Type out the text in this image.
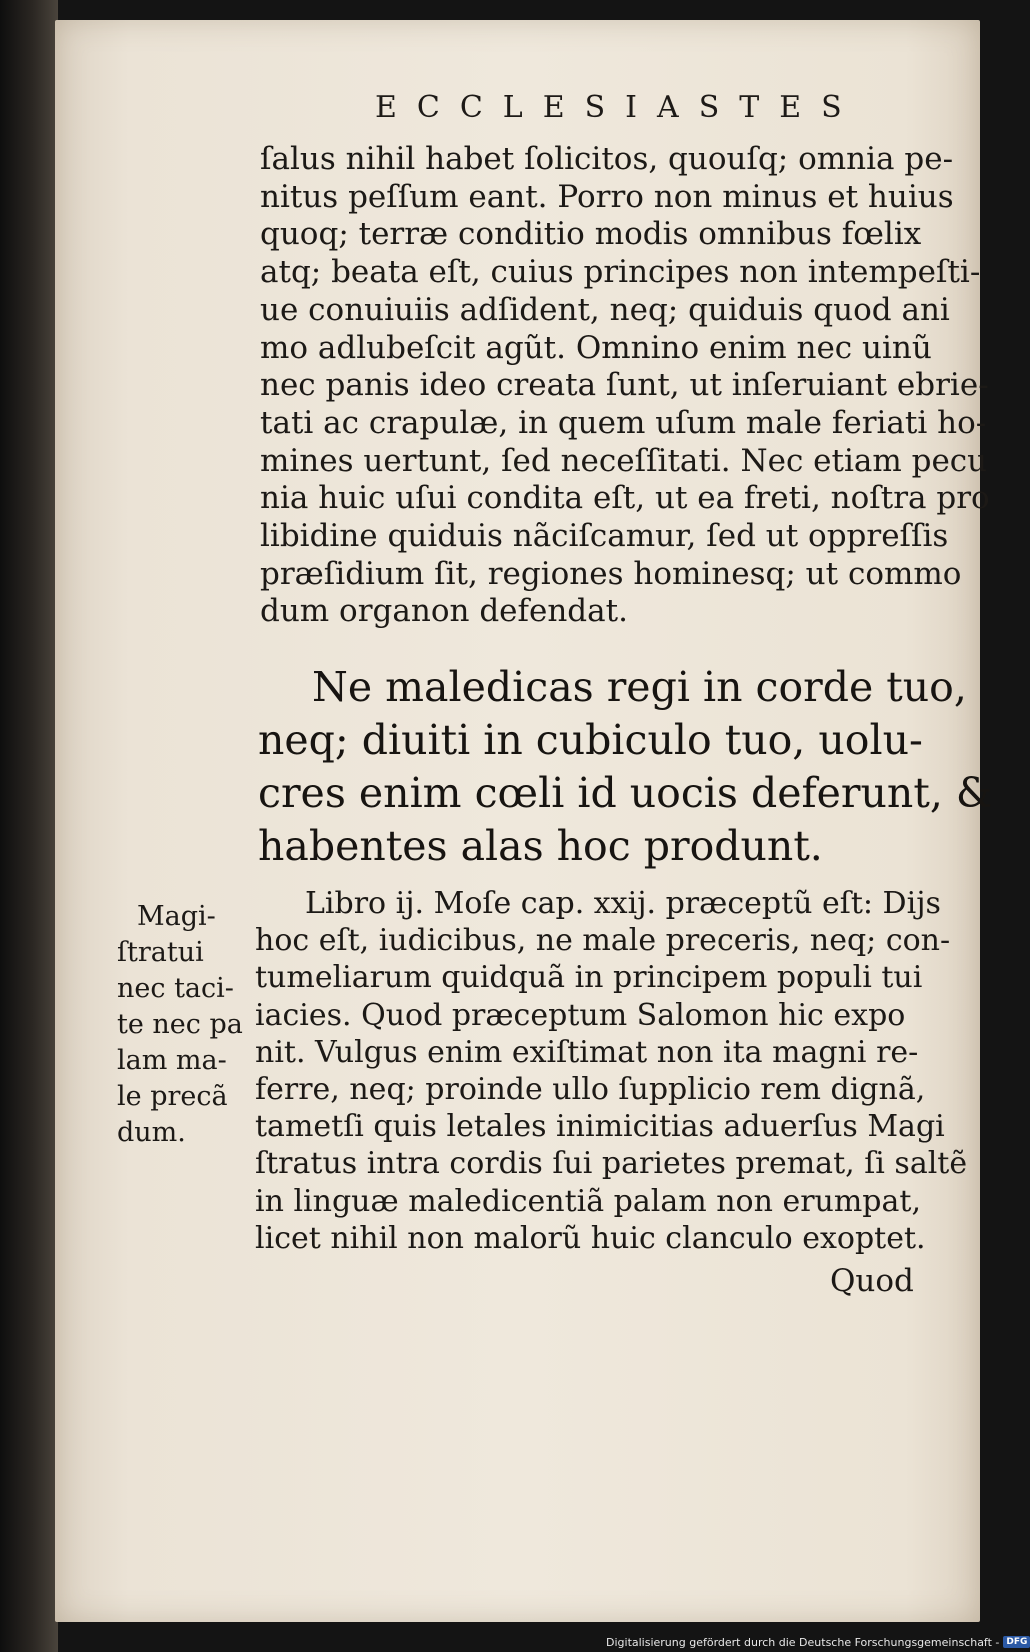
ECCLESIASTES
ſalus nihil habet ſolicitos, quouſq; omnia pe-
nitus peſſum eant. Porro non minus et huius
quoq; terræ conditio modis omnibus fœlix
atq; beata eſt, cuius principes non intempeſti-
ue conuiuiis adſident, neq; quiduis quod ani
mo adlubeſcit agũt. Omnino enim nec uinũ
nec panis ideo creata ſunt, ut inſeruiant ebrie-
tati ac crapulæ, in quem uſum male feriati ho-
mines uertunt, ſed neceſſitati. Nec etiam pecu
nia huic uſui condita eſt, ut ea freti, noſtra pro
libidine quiduis nãciſcamur, ſed ut oppreſſis
præſidium ſit, regiones hominesq; ut commo
dum organon defendat.
Ne maledicas regi in corde tuo,
neq; diuiti in cubiculo tuo, uolu-
cres enim cœli id uocis deferunt, &
habentes alas hoc produnt.
Magi-
ſtratui
nec taci-
te nec pa
lam ma-
le precã
dum.
Libro ij. Moſe cap. xxij. præceptũ eſt: Dijs
hoc eſt, iudicibus, ne male preceris, neq; con-
tumeliarum quidquã in principem populi tui
iacies. Quod præceptum Salomon hic expo
nit. Vulgus enim exiſtimat non ita magni re-
ferre, neq; proinde ullo ſupplicio rem dignã,
tametſi quis letales inimicitias aduerſus Magi
ſtratus intra cordis ſui parietes premat, ſi saltẽ
in linguæ maledicentiã palam non erumpat,
licet nihil non malorũ huic clanculo exoptet.
Quod
Digitalisierung gefördert durch die Deutsche Forschungsgemeinschaft - DFG
